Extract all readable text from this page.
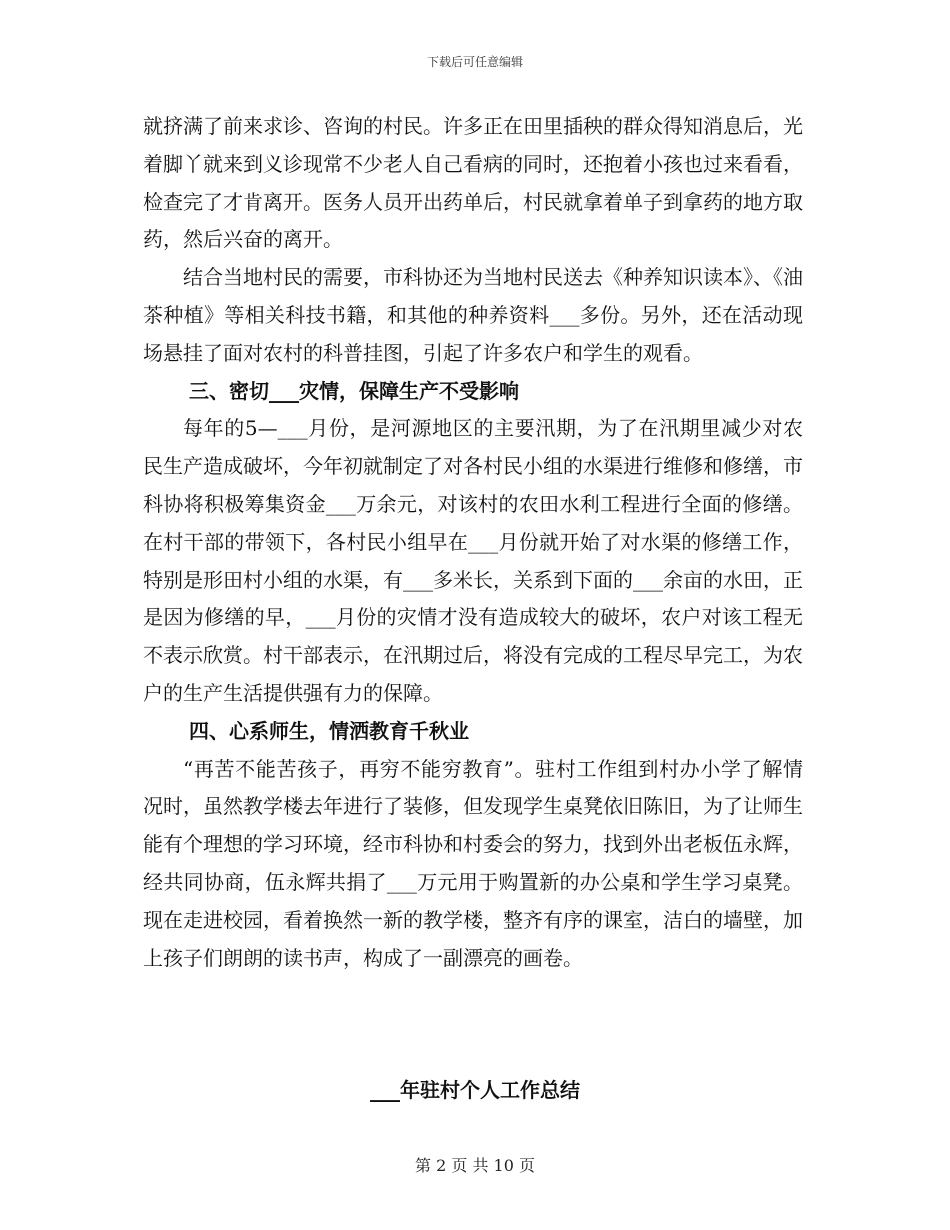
下载后可任意编辑

就挤满了前来求诊、咨询的村民。许多正在田里插秧的群众得知消息后，光着脚丫就来到义诊现常不少老人自己看病的同时，还抱着小孩也过来看看，检查完了才肯离开。医务人员开出药单后，村民就拿着单子到拿药的地方取药，然后兴奋的离开。

结合当地村民的需要，市科协还为当地村民送去《种养知识读本》、《油茶种植》等相关科技书籍，和其他的种养资料___多份。另外，还在活动现场悬挂了面对农村的科普挂图，引起了许多农户和学生的观看。

三、密切___灾情，保障生产不受影响

每年的5—___月份，是河源地区的主要汛期，为了在汛期里减少对农民生产造成破坏，今年初就制定了对各村民小组的水渠进行维修和修缮，市科协将积极筹集资金___万余元，对该村的农田水利工程进行全面的修缮。在村干部的带领下，各村民小组早在___月份就开始了对水渠的修缮工作，特别是形田村小组的水渠，有___多米长，关系到下面的___余亩的水田，正是因为修缮的早，___月份的灾情才没有造成较大的破坏，农户对该工程无不表示欣赏。村干部表示，在汛期过后，将没有完成的工程尽早完工，为农户的生产生活提供强有力的保障。

四、心系师生，情洒教育千秋业

“再苦不能苦孩子，再穷不能穷教育”。驻村工作组到村办小学了解情况时，虽然教学楼去年进行了装修，但发现学生桌凳依旧陈旧，为了让师生能有个理想的学习环境，经市科协和村委会的努力，找到外出老板伍永辉，经共同协商，伍永辉共捐了___万元用于购置新的办公桌和学生学习桌凳。现在走进校园，看着换然一新的教学楼，整齐有序的课室，洁白的墙壁，加上孩子们朗朗的读书声，构成了一副漂亮的画卷。

___年驻村个人工作总结
第 2 页 共 10 页
